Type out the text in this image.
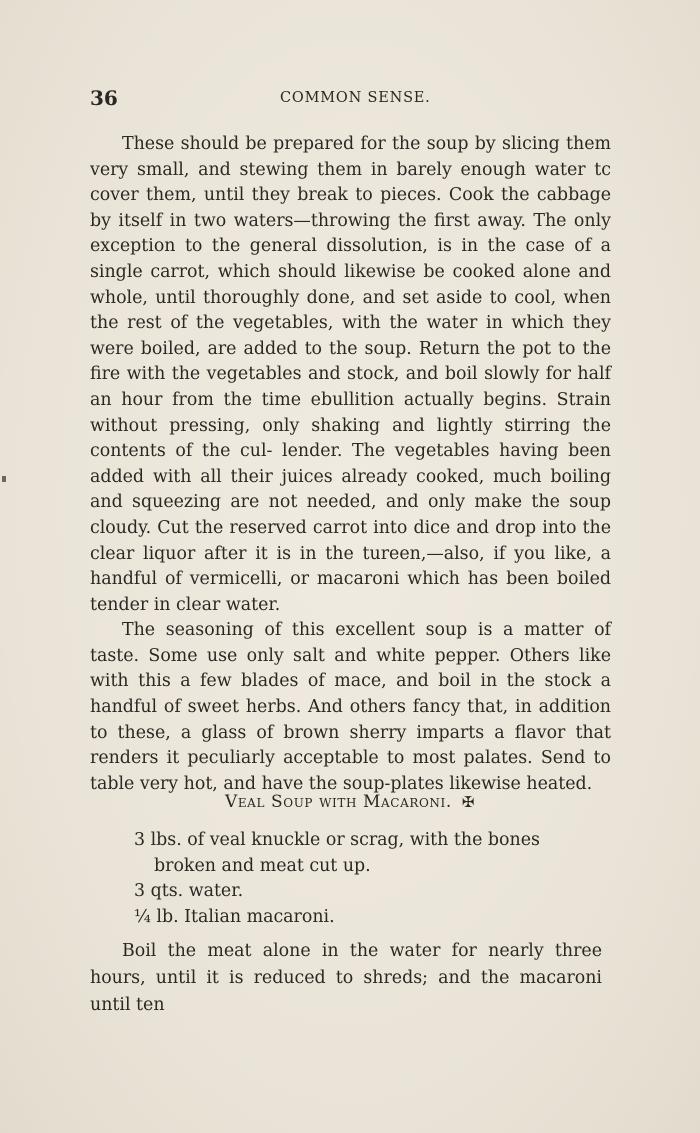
36	COMMON SENSE.

These should be prepared for the soup by slicing them very small, and stewing them in barely enough water tc cover them, until they break to pieces. Cook the cabbage by itself in two waters—throwing the first away. The only exception to the general dissolution, is in the case of a single carrot, which should likewise be cooked alone and whole, until thoroughly done, and set aside to cool, when the rest of the vegetables, with the water in which they were boiled, are added to the soup. Return the pot to the fire with the vegetables and stock, and boil slowly for half an hour from the time ebullition actually begins. Strain without pressing, only shaking and lightly stirring the contents of the cul- lender. The vegetables having been added with all their juices already cooked, much boiling and squeezing are not needed, and only make the soup cloudy. Cut the reserved carrot into dice and drop into the clear liquor after it is in the tureen,—also, if you like, a handful of vermicelli, or macaroni which has been boiled tender in clear water.

The seasoning of this excellent soup is a matter of taste. Some use only salt and white pepper. Others like with this a few blades of mace, and boil in the stock a handful of sweet herbs. And others fancy that, in addition to these, a glass of brown sherry imparts a flavor that renders it peculiarly acceptable to most palates. Send to table very hot, and have the soup-plates likewise heated.

Veal Soup with Macaroni. ✠
3 lbs. of veal knuckle or scrag, with the bones broken and meat cut up.
3 qts. water.
¼ lb. Italian macaroni.

Boil the meat alone in the water for nearly three hours, until it is reduced to shreds; and the macaroni until ten
